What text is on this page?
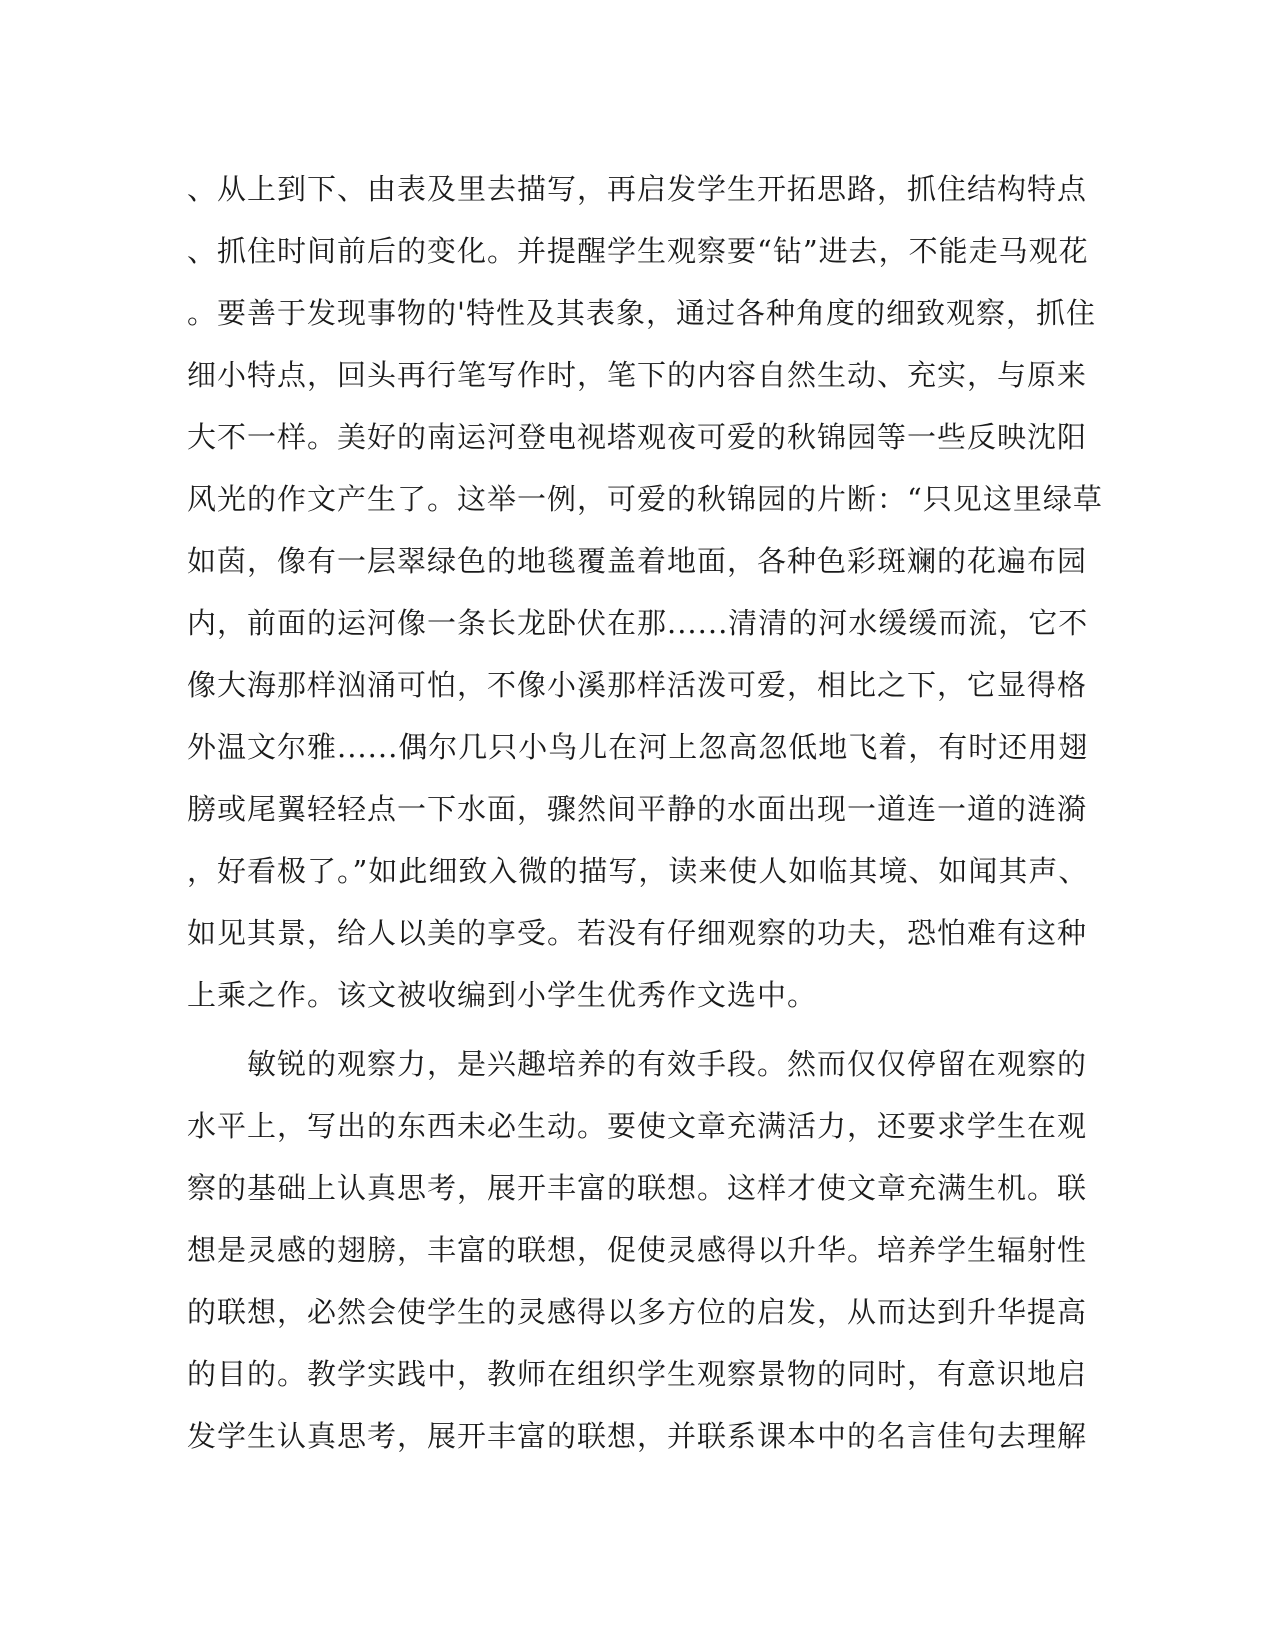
、从上到下、由表及里去描写，再启发学生开拓思路，抓住结构特点
、抓住时间前后的变化。并提醒学生观察要“钻”进去，不能走马观花
。要善于发现事物的'特性及其表象，通过各种角度的细致观察，抓住
细小特点，回头再行笔写作时，笔下的内容自然生动、充实，与原来
大不一样。美好的南运河登电视塔观夜可爱的秋锦园等一些反映沈阳
风光的作文产生了。这举一例，可爱的秋锦园的片断：“只见这里绿草
如茵，像有一层翠绿色的地毯覆盖着地面，各种色彩斑斓的花遍布园
内，前面的运河像一条长龙卧伏在那......清清的河水缓缓而流，它不
像大海那样汹涌可怕，不像小溪那样活泼可爱，相比之下，它显得格
外温文尔雅......偶尔几只小鸟儿在河上忽高忽低地飞着，有时还用翅
膀或尾翼轻轻点一下水面，骤然间平静的水面出现一道连一道的涟漪
，好看极了。”如此细致入微的描写，读来使人如临其境、如闻其声、
如见其景，给人以美的享受。若没有仔细观察的功夫，恐怕难有这种
上乘之作。该文被收编到小学生优秀作文选中。
　　敏锐的观察力，是兴趣培养的有效手段。然而仅仅停留在观察的
水平上，写出的东西未必生动。要使文章充满活力，还要求学生在观
察的基础上认真思考，展开丰富的联想。这样才使文章充满生机。联
想是灵感的翅膀，丰富的联想，促使灵感得以升华。培养学生辐射性
的联想，必然会使学生的灵感得以多方位的启发，从而达到升华提高
的目的。教学实践中，教师在组织学生观察景物的同时，有意识地启
发学生认真思考，展开丰富的联想，并联系课本中的名言佳句去理解
